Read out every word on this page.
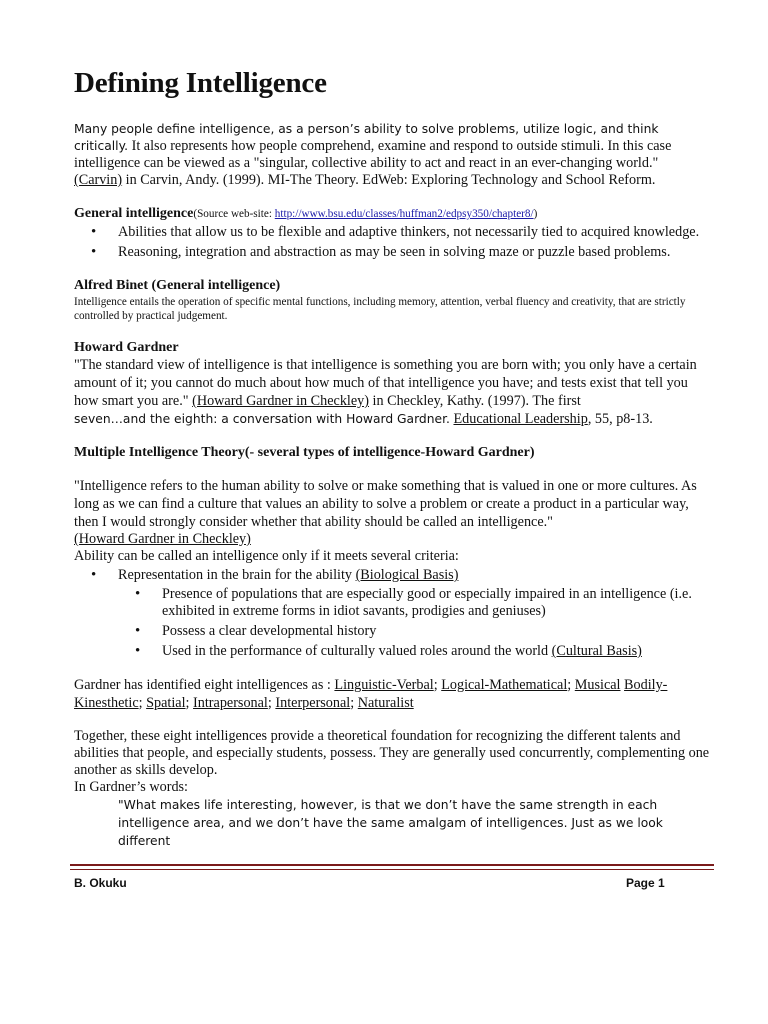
Defining Intelligence

Many people define intelligence, as a person’s ability to solve problems, utilize logic, and think critically. It also represents how people comprehend, examine and respond to outside stimuli. In this case intelligence can be viewed as a "singular, collective ability to act and react in an ever-changing world."
(Carvin) in Carvin, Andy. (1999). MI-The Theory. EdWeb: Exploring Technology and School Reform.

General intelligence(Source web-site: http://www.bsu.edu/classes/huffman2/edpsy350/chapter8/)

• Abilities that allow us to be flexible and adaptive thinkers, not necessarily tied to acquired knowledge.
• Reasoning, integration and abstraction as may be seen in solving maze or puzzle based problems.

Alfred Binet (General intelligence)

Intelligence entails the operation of specific mental functions, including memory, attention, verbal fluency and creativity, that are strictly controlled by practical judgement.

Howard Gardner

"The standard view of intelligence is that intelligence is something you are born with; you only have a certain amount of it; you cannot do much about how much of that intelligence you have; and tests exist that tell you how smart you are." (Howard Gardner in Checkley) in Checkley, Kathy. (1997). The first
seven…and the eighth: a conversation with Howard Gardner. Educational Leadership, 55, p8-13.

Multiple Intelligence Theory(- several types of intelligence-Howard Gardner)

"Intelligence refers to the human ability to solve or make something that is valued in one or more cultures. As long as we can find a culture that values an ability to solve a problem or create a product in a particular way, then I would strongly consider whether that ability should be called an intelligence."

(Howard Gardner in Checkley)

Ability can be called an intelligence only if it meets several criteria:

• Representation in the brain for the ability (Biological Basis)
• Presence of populations that are especially good or especially impaired in an intelligence (i.e. exhibited in extreme forms in idiot savants, prodigies and geniuses)
• Possess a clear developmental history
• Used in the performance of culturally valued roles around the world (Cultural Basis)

Gardner has identified eight intelligences as : Linguistic-Verbal; Logical-Mathematical; Musical Bodily-Kinesthetic; Spatial; Intrapersonal; Interpersonal; Naturalist

Together, these eight intelligences provide a theoretical foundation for recognizing the different talents and abilities that people, and especially students, possess. They are generally used concurrently, complementing one another as skills develop.

In Gardner’s words:

"What makes life interesting, however, is that we don’t have the same strength in each intelligence area, and we don’t have the same amalgam of intelligences. Just as we look different

B. Okuku	Page 1
